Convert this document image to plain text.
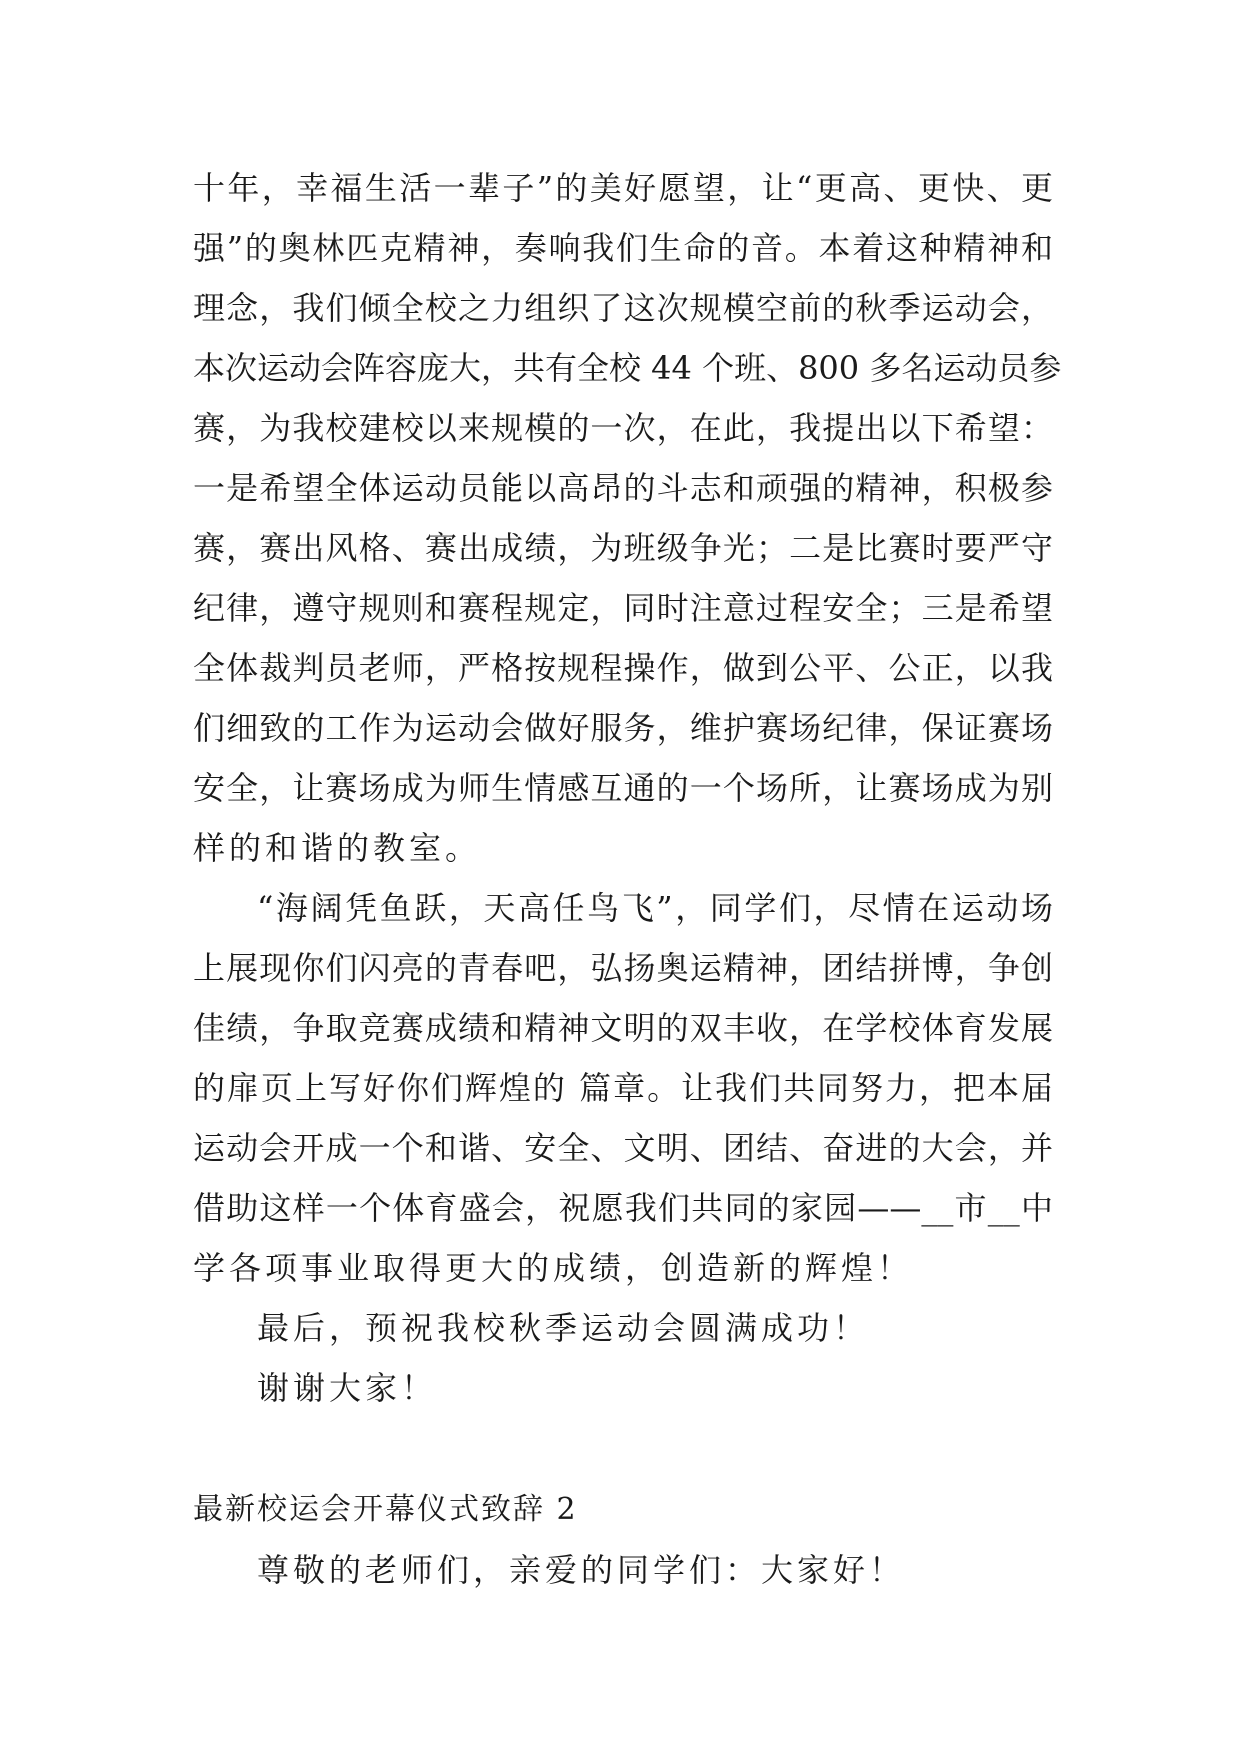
十年，幸福生活一辈子”的美好愿望，让“更高、更快、更
强”的奥林匹克精神，奏响我们生命的音。本着这种精神和
理念，我们倾全校之力组织了这次规模空前的秋季运动会，
本次运动会阵容庞大，共有全校 44 个班、800 多名运动员参
赛，为我校建校以来规模的一次，在此，我提出以下希望：
一是希望全体运动员能以高昂的斗志和顽强的精神，积极参
赛，赛出风格、赛出成绩，为班级争光；二是比赛时要严守
纪律，遵守规则和赛程规定，同时注意过程安全；三是希望
全体裁判员老师，严格按规程操作，做到公平、公正，以我
们细致的工作为运动会做好服务，维护赛场纪律，保证赛场
安全，让赛场成为师生情感互通的一个场所，让赛场成为别
样的和谐的教室。
“海阔凭鱼跃，天高任鸟飞”，同学们，尽情在运动场
上展现你们闪亮的青春吧，弘扬奥运精神，团结拼博，争创
佳绩，争取竞赛成绩和精神文明的双丰收，在学校体育发展
的扉页上写好你们辉煌的 篇章。让我们共同努力，把本届
运动会开成一个和谐、安全、文明、团结、奋进的大会，并
借助这样一个体育盛会，祝愿我们共同的家园——__市__中
学各项事业取得更大的成绩，创造新的辉煌！
最后，预祝我校秋季运动会圆满成功！
谢谢大家！
最新校运会开幕仪式致辞 2
尊敬的老师们，亲爱的同学们：大家好！
